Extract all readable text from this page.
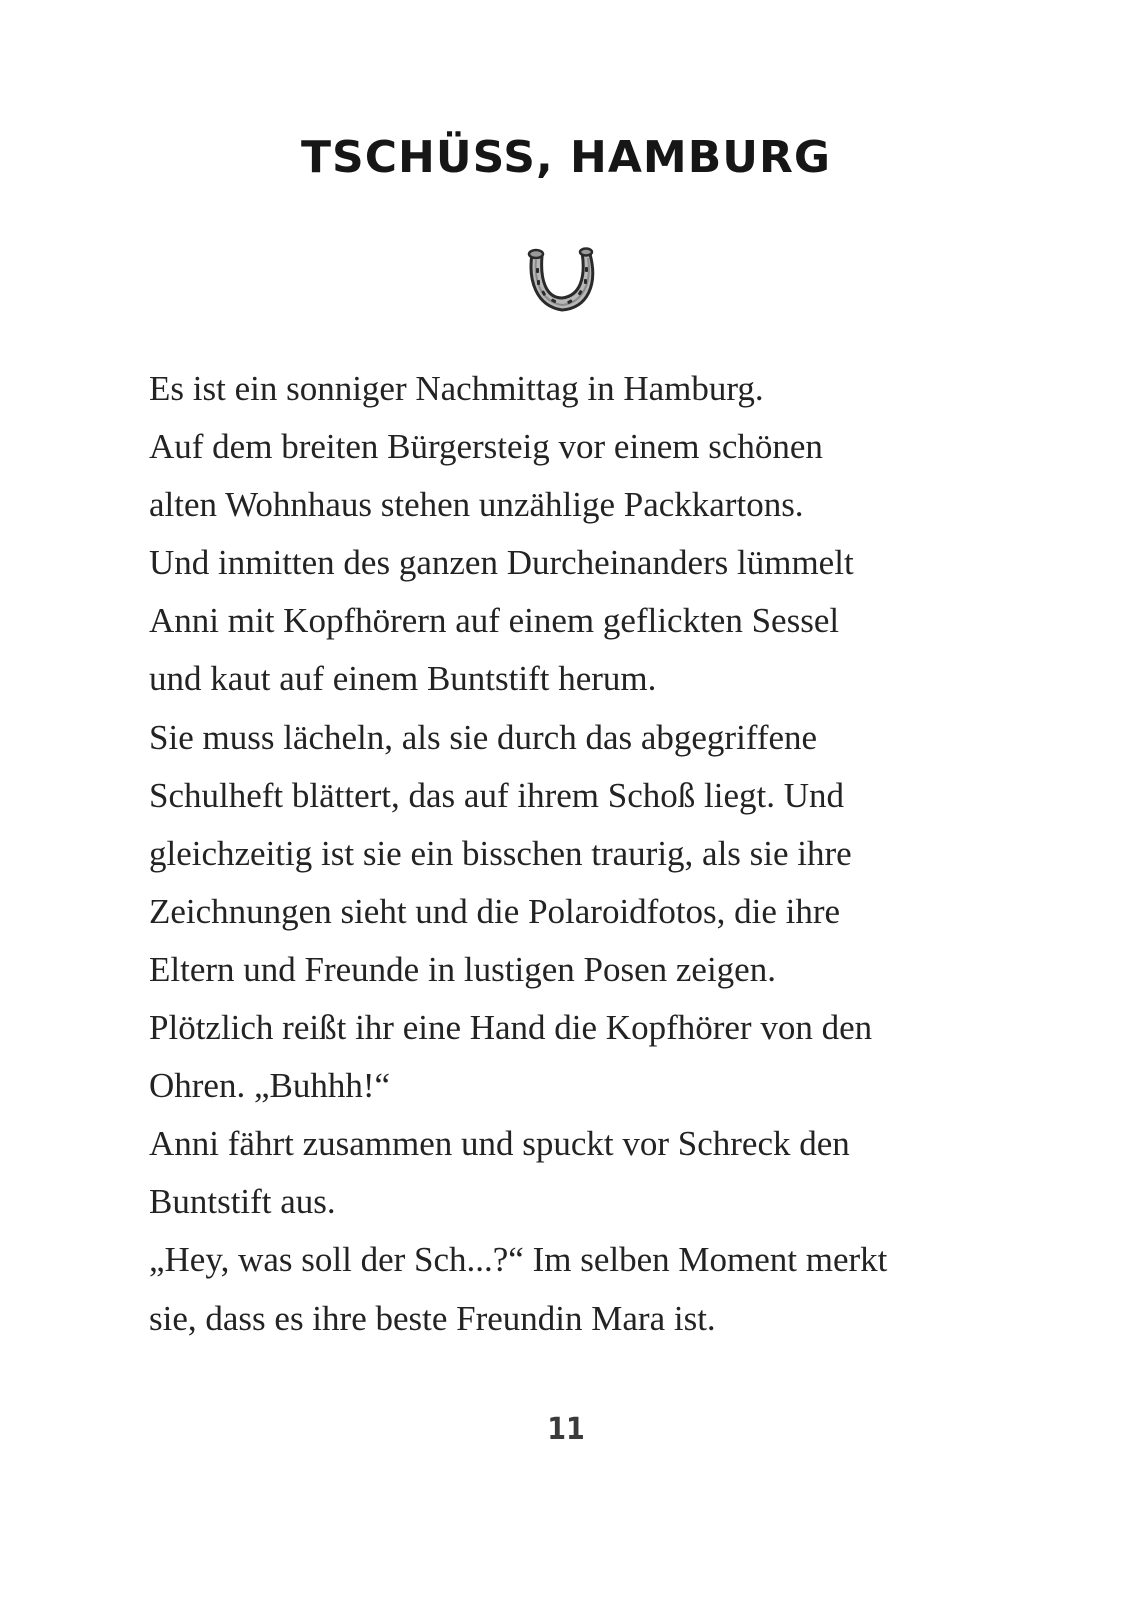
TSCHÜSS, HAMBURG
Es ist ein sonniger Nachmittag in Hamburg.
Auf dem breiten Bürgersteig vor einem schönen
alten Wohnhaus stehen unzählige Packkartons.
Und inmitten des ganzen Durcheinanders lümmelt
Anni mit Kopfhörern auf einem geflickten Sessel
und kaut auf einem Buntstift herum.
Sie muss lächeln, als sie durch das abgegriffene
Schulheft blättert, das auf ihrem Schoß liegt. Und
gleichzeitig ist sie ein bisschen traurig, als sie ihre
Zeichnungen sieht und die Polaroidfotos, die ihre
Eltern und Freunde in lustigen Posen zeigen.
Plötzlich reißt ihr eine Hand die Kopfhörer von den
Ohren. „Buhhh!“
Anni fährt zusammen und spuckt vor Schreck den
Buntstift aus.
„Hey, was soll der Sch...?“ Im selben Moment merkt
sie, dass es ihre beste Freundin Mara ist.
11
